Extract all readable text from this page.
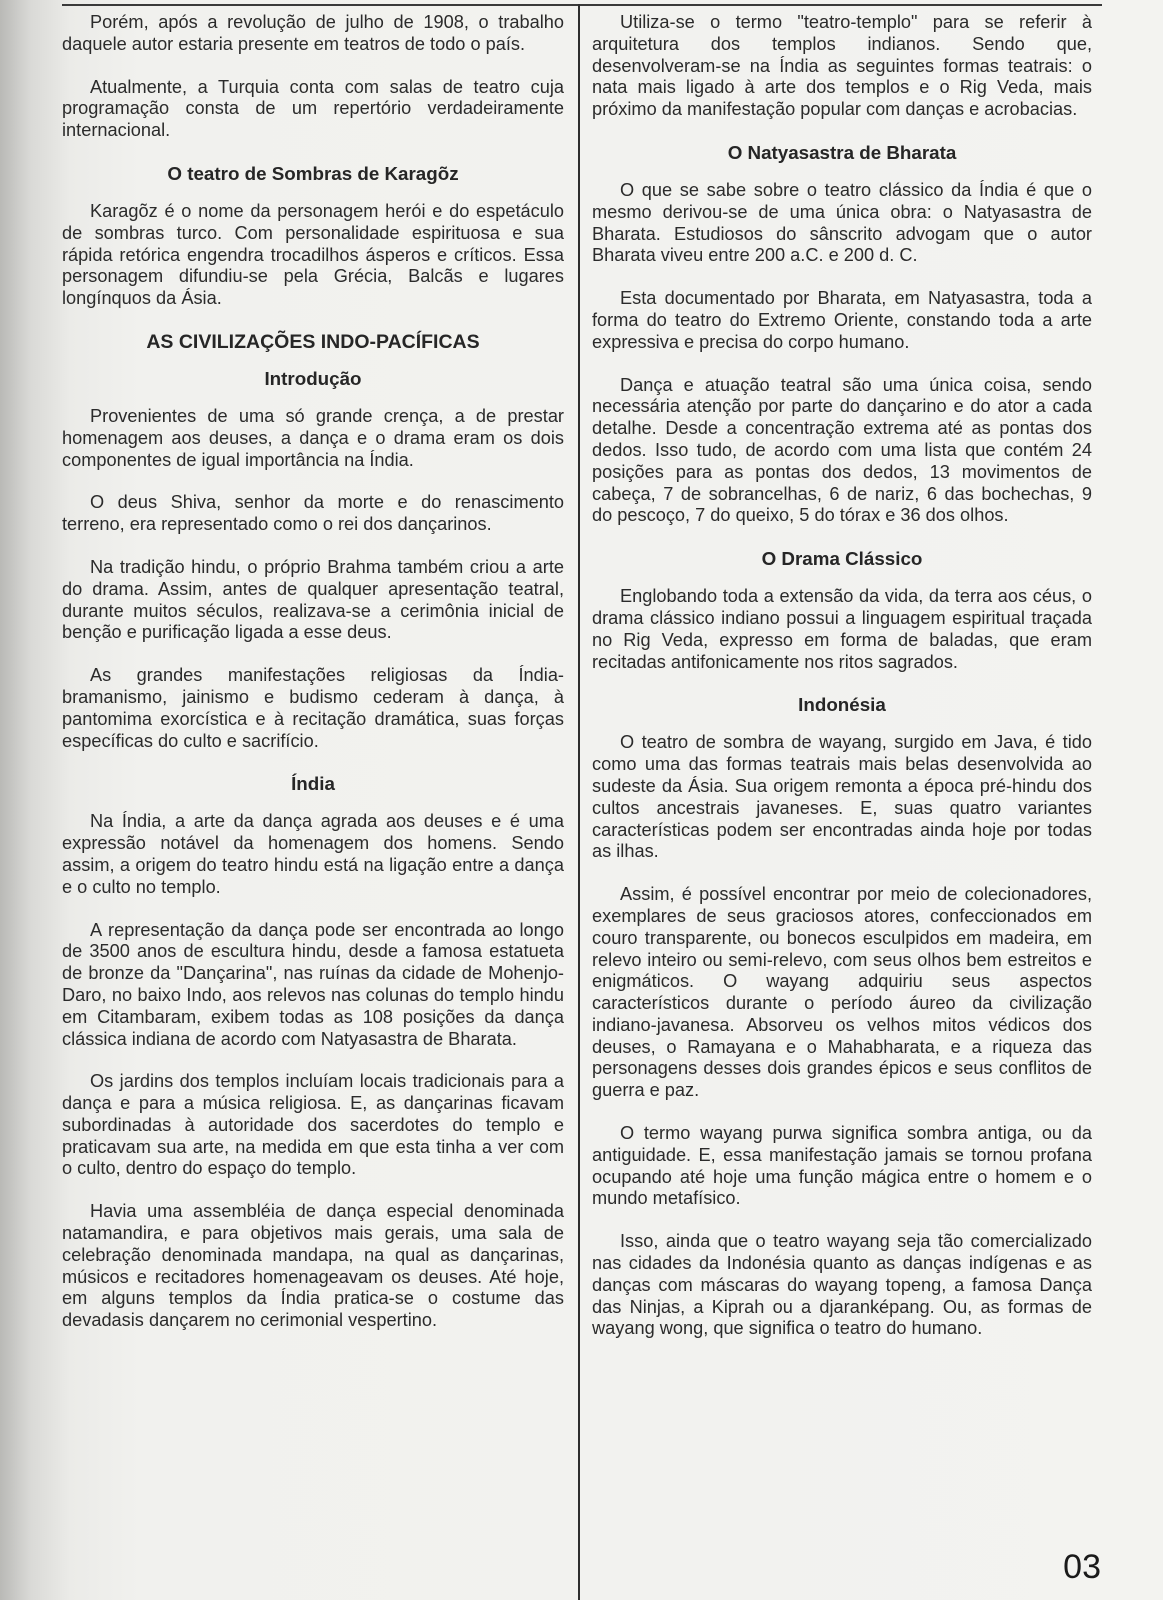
Porém, após a revolução de julho de 1908, o trabalho daquele autor estaria presente em teatros de todo o país.

Atualmente, a Turquia conta com salas de teatro cuja programação consta de um repertório verdadeiramente internacional.

O teatro de Sombras de Karagõz

Karagõz é o nome da personagem herói e do espetáculo de sombras turco. Com personalidade espirituosa e sua rápida retórica engendra trocadilhos ásperos e críticos. Essa personagem difundiu-se pela Grécia, Balcãs e lugares longínquos da Ásia.

AS CIVILIZAÇÕES INDO-PACÍFICAS
Introdução

Provenientes de uma só grande crença, a de prestar homenagem aos deuses, a dança e o drama eram os dois componentes de igual importância na Índia.

O deus Shiva, senhor da morte e do renascimento terreno, era representado como o rei dos dançarinos.

Na tradição hindu, o próprio Brahma também criou a arte do drama. Assim, antes de qualquer apresentação teatral, durante muitos séculos, realizava-se a cerimônia inicial de benção e purificação ligada a esse deus.

As grandes manifestações religiosas da Índia-bramanismo, jainismo e budismo cederam à dança, à pantomima exorcística e à recitação dramática, suas forças específicas do culto e sacrifício.

Índia

Na Índia, a arte da dança agrada aos deuses e é uma expressão notável da homenagem dos homens. Sendo assim, a origem do teatro hindu está na ligação entre a dança e o culto no templo.

A representação da dança pode ser encontrada ao longo de 3500 anos de escultura hindu, desde a famosa estatueta de bronze da "Dançarina", nas ruínas da cidade de Mohenjo-Daro, no baixo Indo, aos relevos nas colunas do templo hindu em Citambaram, exibem todas as 108 posições da dança clássica indiana de acordo com Natyasastra de Bharata.

Os jardins dos templos incluíam locais tradicionais para a dança e para a música religiosa. E, as dançarinas ficavam subordinadas à autoridade dos sacerdotes do templo e praticavam sua arte, na medida em que esta tinha a ver com o culto, dentro do espaço do templo.

Havia uma assembléia de dança especial denominada natamandira, e para objetivos mais gerais, uma sala de celebração denominada mandapa, na qual as dançarinas, músicos e recitadores homenageavam os deuses. Até hoje, em alguns templos da Índia pratica-se o costume das devadasis dançarem no cerimonial vespertino.

Utiliza-se o termo "teatro-templo" para se referir à arquitetura dos templos indianos. Sendo que, desenvolveram-se na Índia as seguintes formas teatrais: o nata mais ligado à arte dos templos e o Rig Veda, mais próximo da manifestação popular com danças e acrobacias.

O Natyasastra de Bharata

O que se sabe sobre o teatro clássico da Índia é que o mesmo derivou-se de uma única obra: o Natyasastra de Bharata. Estudiosos do sânscrito advogam que o autor Bharata viveu entre 200 a.C. e 200 d. C.

Esta documentado por Bharata, em Natyasastra, toda a forma do teatro do Extremo Oriente, constando toda a arte expressiva e precisa do corpo humano.

Dança e atuação teatral são uma única coisa, sendo necessária atenção por parte do dançarino e do ator a cada detalhe. Desde a concentração extrema até as pontas dos dedos. Isso tudo, de acordo com uma lista que contém 24 posições para as pontas dos dedos, 13 movimentos de cabeça, 7 de sobrancelhas, 6 de nariz, 6 das bochechas, 9 do pescoço, 7 do queixo, 5 do tórax e 36 dos olhos.

O Drama Clássico

Englobando toda a extensão da vida, da terra aos céus, o drama clássico indiano possui a linguagem espiritual traçada no Rig Veda, expresso em forma de baladas, que eram recitadas antifonicamente nos ritos sagrados.

Indonésia

O teatro de sombra de wayang, surgido em Java, é tido como uma das formas teatrais mais belas desenvolvida ao sudeste da Ásia. Sua origem remonta a época pré-hindu dos cultos ancestrais javaneses. E, suas quatro variantes características podem ser encontradas ainda hoje por todas as ilhas.

Assim, é possível encontrar por meio de colecionadores, exemplares de seus graciosos atores, confeccionados em couro transparente, ou bonecos esculpidos em madeira, em relevo inteiro ou semi-relevo, com seus olhos bem estreitos e enigmáticos. O wayang adquiriu seus aspectos característicos durante o período áureo da civilização indiano-javanesa. Absorveu os velhos mitos védicos dos deuses, o Ramayana e o Mahabharata, e a riqueza das personagens desses dois grandes épicos e seus conflitos de guerra e paz.

O termo wayang purwa significa sombra antiga, ou da antiguidade. E, essa manifestação jamais se tornou profana ocupando até hoje uma função mágica entre o homem e o mundo metafísico.

Isso, ainda que o teatro wayang seja tão comercializado nas cidades da Indonésia quanto as danças indígenas e as danças com máscaras do wayang topeng, a famosa Dança das Ninjas, a Kiprah ou a djaranképang. Ou, as formas de wayang wong, que significa o teatro do humano.

03
